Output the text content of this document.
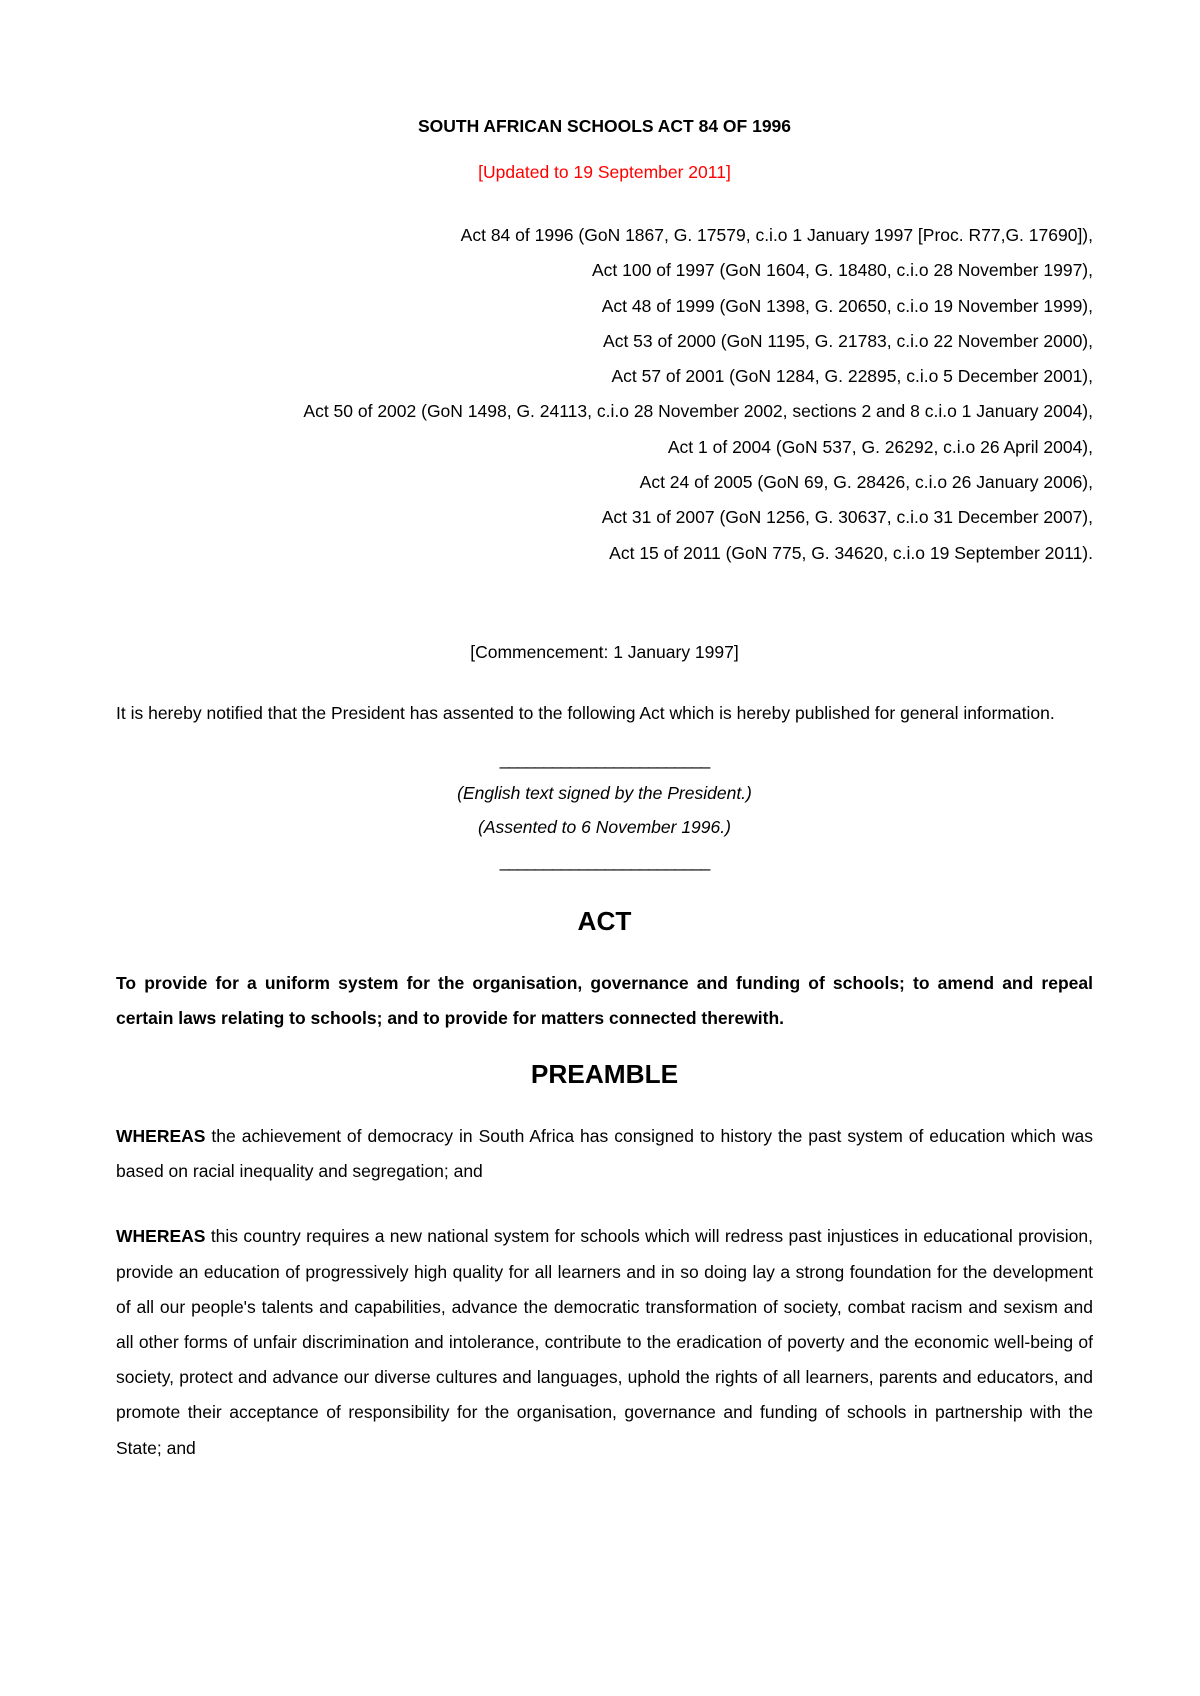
SOUTH AFRICAN SCHOOLS ACT 84 OF 1996

[Updated to 19 September 2011]

Act 84 of 1996 (GoN 1867, G. 17579, c.i.o 1 January 1997 [Proc. R77,G. 17690]),
Act 100 of 1997 (GoN 1604, G. 18480, c.i.o 28 November 1997),
Act 48 of 1999 (GoN 1398, G. 20650, c.i.o 19 November 1999),
Act 53 of 2000 (GoN 1195, G. 21783, c.i.o 22 November 2000),
Act 57 of 2001 (GoN 1284, G. 22895, c.i.o 5 December 2001),
Act 50 of 2002 (GoN 1498, G. 24113, c.i.o 28 November 2002, sections 2 and 8 c.i.o 1 January 2004),
Act 1 of 2004 (GoN 537, G. 26292, c.i.o 26 April 2004),
Act 24 of 2005 (GoN 69, G. 28426, c.i.o 26 January 2006),
Act 31 of 2007 (GoN 1256, G. 30637, c.i.o 31 December 2007),
Act 15 of 2011 (GoN 775, G. 34620, c.i.o 19 September 2011).

[Commencement: 1 January 1997]

It is hereby notified that the President has assented to the following Act which is hereby published for general information.

________________________

(English text signed by the President.)

(Assented to 6 November 1996.)

________________________

ACT

To provide for a uniform system for the organisation, governance and funding of schools; to amend and repeal certain laws relating to schools; and to provide for matters connected therewith.

PREAMBLE

WHEREAS the achievement of democracy in South Africa has consigned to history the past system of education which was based on racial inequality and segregation; and

WHEREAS this country requires a new national system for schools which will redress past injustices in educational provision, provide an education of progressively high quality for all learners and in so doing lay a strong foundation for the development of all our people's talents and capabilities, advance the democratic transformation of society, combat racism and sexism and all other forms of unfair discrimination and intolerance, contribute to the eradication of poverty and the economic well-being of society, protect and advance our diverse cultures and languages, uphold the rights of all learners, parents and educators, and promote their acceptance of responsibility for the organisation, governance and funding of schools in partnership with the State; and
